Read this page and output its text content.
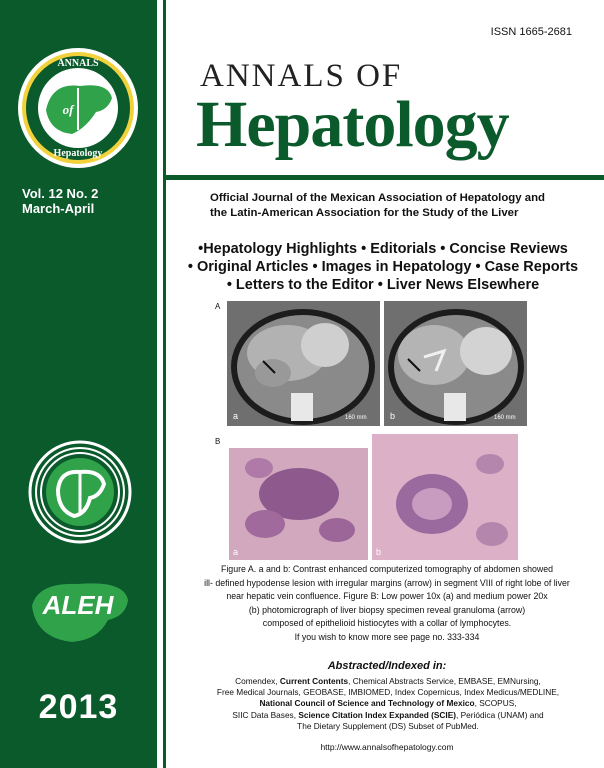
ANNALS
of
Hepatology
Vol. 12 No. 2
March-April
ALEH
2013
ISSN 1665-2681
ANNALS OF
Hepatology
Official Journal of the Mexican Association of Hepatology and
the Latin-American Association for the Study of the Liver
•Hepatology Highlights • Editorials • Concise Reviews
• Original Articles • Images in Hepatology • Case Reports
• Letters to the Editor • Liver News Elsewhere
A
a	160 mm	b	160 mm
B
a	b
Figure A. a and b: Contrast enhanced computerized tomography of abdomen showed
ill- defined hypodense lesion with irregular margins (arrow) in segment VIII of right lobe of liver
near hepatic vein confluence. Figure B: Low power 10x (a) and medium power 20x
(b) photomicrograph of liver biopsy specimen reveal granuloma (arrow)
composed of epithelioid histiocytes with a collar of lymphocytes.
If you wish to know more see page no. 333-334
Abstracted/Indexed in:
Comendex, Current Contents, Chemical Abstracts Service, EMBASE, EMNursing,
Free Medical Journals, GEOBASE, IMBIOMED, Index Copernicus, Index Medicus/MEDLINE,
National Council of Science and Technology of Mexico, SCOPUS,
SIIC Data Bases, Science Citation Index Expanded (SCIE), Periódica (UNAM) and
The Dietary Supplement (DS) Subset of PubMed.
http://www.annalsofhepatology.com
